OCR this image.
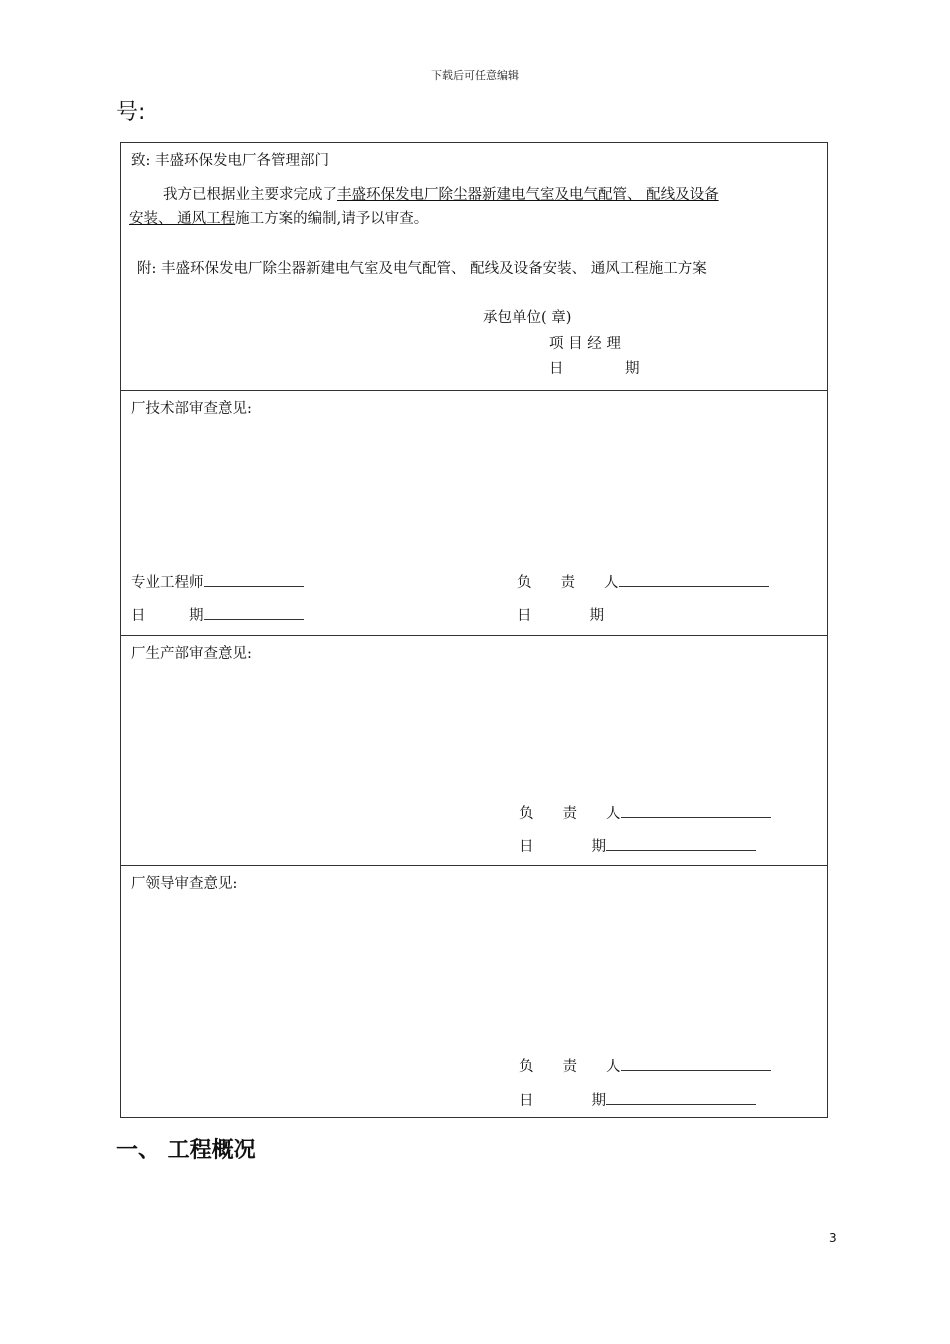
下载后可任意编辑
号:
致: 丰盛环保发电厂各管理部门
我方已根据业主要求完成了丰盛环保发电厂除尘器新建电气室及电气配管、 配线及设备
安装、 通风工程施工方案的编制,请予以审查。
附: 丰盛环保发电厂除尘器新建电气室及电气配管、 配线及设备安装、 通风工程施工方案
承包单位( 章)
项 目 经 理
日	期
厂技术部审查意见:
专业工程师
日　　　期
负　　责　　人
日　　　　期
厂生产部审查意见:
负　　责　　人
日　　　　期
厂领导审查意见:
负　　责　　人
日　　　　期
一、 工程概况
3
